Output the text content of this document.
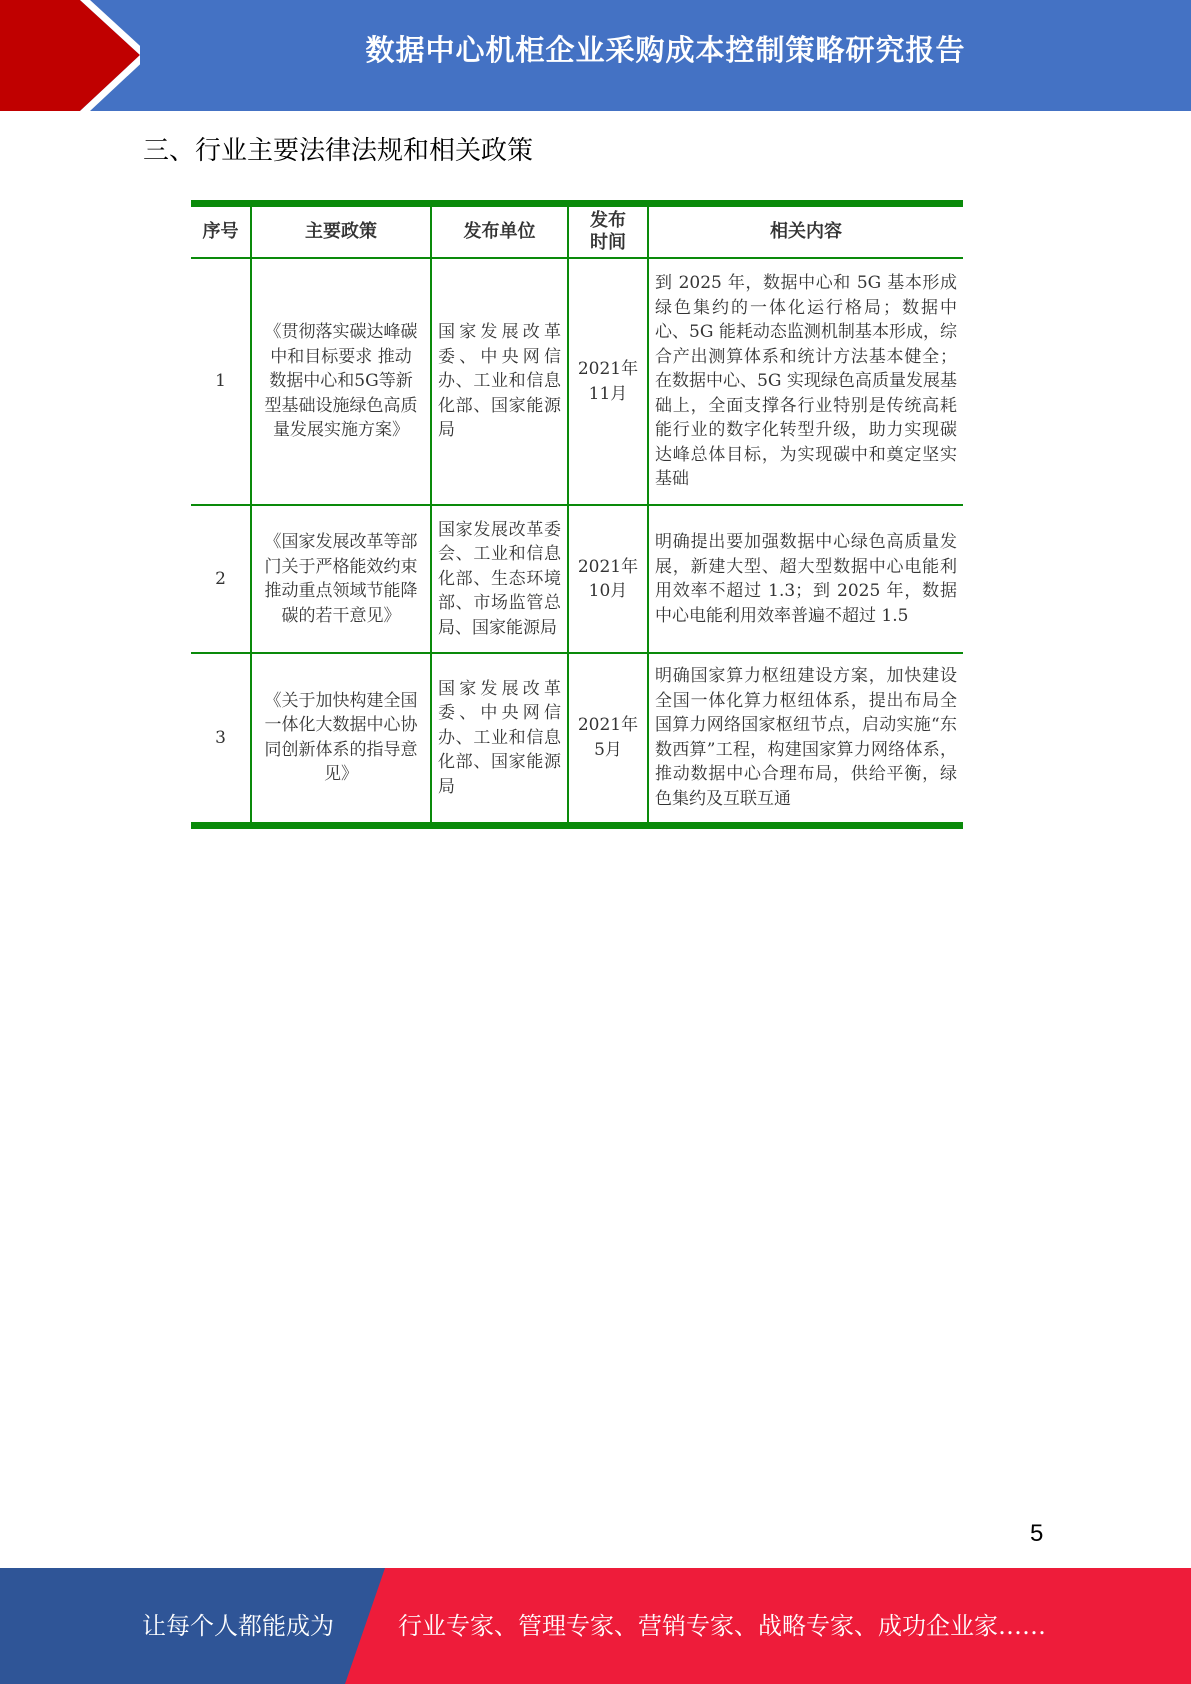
数据中心机柜企业采购成本控制策略研究报告
三、行业主要法律法规和相关政策
序号	主要政策	发布单位	发布时间	相关内容
1	《贯彻落实碳达峰碳中和目标要求 推动数据中心和5G等新型基础设施绿色高质量发展实施方案》	国家发展改革委、中央网信办、工业和信息化部、国家能源局	2021年11月	到 2025 年，数据中心和 5G 基本形成绿色集约的一体化运行格局；数据中心、5G 能耗动态监测机制基本形成，综合产出测算体系和统计方法基本健全；在数据中心、5G 实现绿色高质量发展基础上，全面支撑各行业特别是传统高耗能行业的数字化转型升级，助力实现碳达峰总体目标，为实现碳中和奠定坚实基础
2	《国家发展改革等部门关于严格能效约束推动重点领域节能降碳的若干意见》	国家发展改革委会、工业和信息化部、生态环境部、市场监管总局、国家能源局	2021年10月	明确提出要加强数据中心绿色高质量发展，新建大型、超大型数据中心电能利用效率不超过 1.3；到 2025 年，数据中心电能利用效率普遍不超过 1.5
3	《关于加快构建全国一体化大数据中心协同创新体系的指导意见》	国家发展改革委、中央网信办、工业和信息化部、国家能源局	2021年5月	明确国家算力枢纽建设方案，加快建设全国一体化算力枢纽体系，提出布局全国算力网络国家枢纽节点，启动实施“东数西算”工程，构建国家算力网络体系，推动数据中心合理布局，供给平衡，绿色集约及互联互通
5
让每个人都能成为	行业专家、管理专家、营销专家、战略专家、成功企业家……
